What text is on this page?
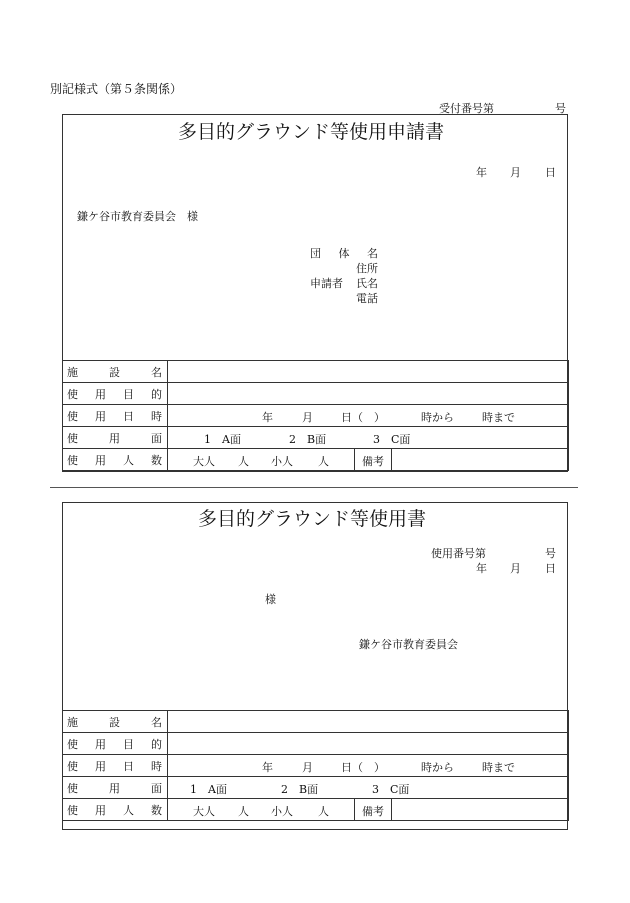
別記様式（第５条関係）
受付番号第	号
多目的グラウンド等使用申請書
年 月 日
鎌ケ谷市教育委員会　様
団 体 名
住所
申請者 氏名
電話
施 設 名	

使 用 目 的	

使 用 日 時	年 月 日（　） 時から 時まで

使 用 面	1　A面 2　B面 3　C面

使 用 人 数	大人 人 小人 人 備考
多目的グラウンド等使用書
使用番号第	号
年 月 日
様
鎌ケ谷市教育委員会
施 設 名	

使 用 目 的	

使 用 日 時	年 月 日（　） 時から 時まで

使 用 面	1　A面 2　B面 3　C面

使 用 人 数	大人 人 小人 人 備考
